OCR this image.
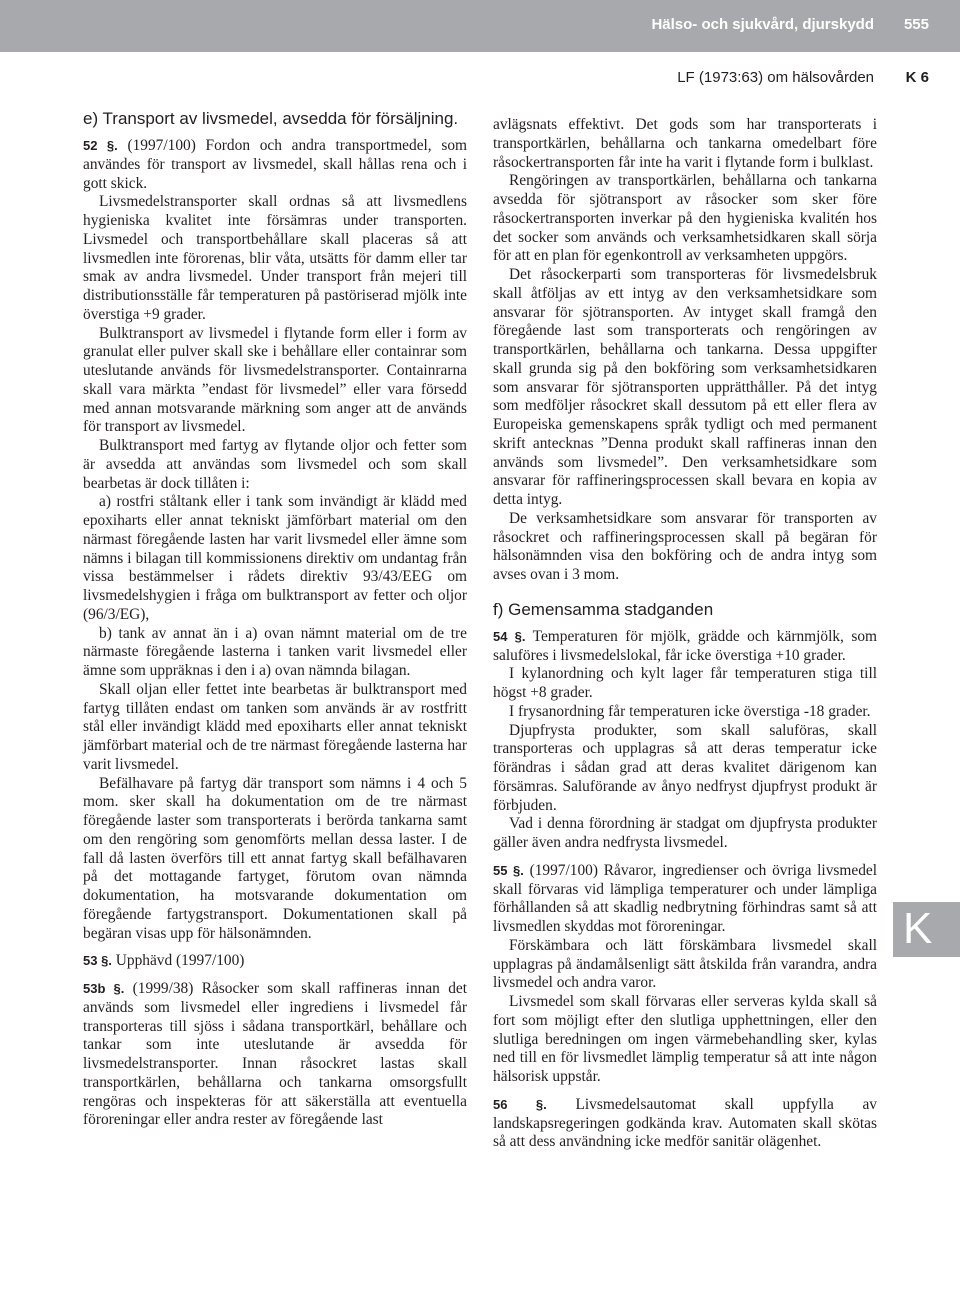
Hälso- och sjukvård, djurskydd 555
LF (1973:63) om hälsovården K 6
e) Transport av livsmedel, avsedda för försäljning.

52 §. (1997/100) Fordon och andra transportmedel, som användes för transport av livsmedel, skall hållas rena och i gott skick.

Livsmedelstransporter skall ordnas så att livsmedlens hygieniska kvalitet inte försämras under transporten. Livsmedel och transportbehållare skall placeras så att livsmedlen inte förorenas, blir våta, utsätts för damm eller tar smak av andra livsmedel. Under transport från mejeri till distributionsställe får temperaturen på pastöriserad mjölk inte överstiga +9 grader.

Bulktransport av livsmedel i flytande form eller i form av granulat eller pulver skall ske i behållare eller containrar som uteslutande används för livsmedelstransporter. Containrarna skall vara märkta ”endast för livsmedel” eller vara försedd med annan motsvarande märkning som anger att de används för transport av livsmedel.

Bulktransport med fartyg av flytande oljor och fetter som är avsedda att användas som livsmedel och som skall bearbetas är dock tillåten i:

a) rostfri ståltank eller i tank som invändigt är klädd med epoxiharts eller annat tekniskt jämförbart material om den närmast föregående lasten har varit livsmedel eller ämne som nämns i bilagan till kommissionens direktiv om undantag från vissa bestämmelser i rådets direktiv 93/43/EEG om livsmedelshygien i fråga om bulktransport av fetter och oljor (96/3/EG),

b) tank av annat än i a) ovan nämnt material om de tre närmaste föregående lasterna i tanken varit livsmedel eller ämne som uppräknas i den i a) ovan nämnda bilagan.

Skall oljan eller fettet inte bearbetas är bulktransport med fartyg tillåten endast om tanken som används är av rostfritt stål eller invändigt klädd med epoxiharts eller annat tekniskt jämförbart material och de tre närmast föregående lasterna har varit livsmedel.

Befälhavare på fartyg där transport som nämns i 4 och 5 mom. sker skall ha dokumentation om de tre närmast föregående laster som transporterats i berörda tankarna samt om den rengöring som genomförts mellan dessa laster. I de fall då lasten överförs till ett annat fartyg skall befälhavaren på det mottagande fartyget, förutom ovan nämnda dokumentation, ha motsvarande dokumentation om föregående fartygstransport. Dokumentationen skall på begäran visas upp för hälsonämnden.

53 §. Upphävd (1997/100)

53b §. (1999/38) Råsocker som skall raffineras innan det används som livsmedel eller ingrediens i livsmedel får transporteras till sjöss i sådana transportkärl, behållare och tankar som inte uteslutande är avsedda för livsmedelstransporter. Innan råsockret lastas skall transportkärlen, behållarna och tankarna omsorgsfullt rengöras och inspekteras för att säkerställa att eventuella föroreningar eller andra rester av föregående last

avlägsnats effektivt. Det gods som har transporterats i transportkärlen, behållarna och tankarna omedelbart före råsockertransporten får inte ha varit i flytande form i bulklast.

Rengöringen av transportkärlen, behållarna och tankarna avsedda för sjötransport av råsocker som sker före råsockertransporten inverkar på den hygieniska kvalitén hos det socker som används och verksamhetsidkaren skall sörja för att en plan för egenkontroll av verksamheten uppgörs.

Det råsockerparti som transporteras för livsmedelsbruk skall åtföljas av ett intyg av den verksamhetsidkare som ansvarar för sjötransporten. Av intyget skall framgå den föregående last som transporterats och rengöringen av transportkärlen, behållarna och tankarna. Dessa uppgifter skall grunda sig på den bokföring som verksamhetsidkaren som ansvarar för sjötransporten upprätthåller. På det intyg som medföljer råsockret skall dessutom på ett eller flera av Europeiska gemenskapens språk tydligt och med permanent skrift antecknas ”Denna produkt skall raffineras innan den används som livsmedel”. Den verksamhetsidkare som ansvarar för raffineringsprocessen skall bevara en kopia av detta intyg.

De verksamhetsidkare som ansvarar för transporten av råsockret och raffineringsprocessen skall på begäran för hälsonämnden visa den bokföring och de andra intyg som avses ovan i 3 mom.

f) Gemensamma stadganden

54 §. Temperaturen för mjölk, grädde och kärnmjölk, som saluföres i livsmedelslokal, får icke överstiga +10 grader.

I kylanordning och kylt lager får temperaturen stiga till högst +8 grader.

I frysanordning får temperaturen icke överstiga -18 grader.

Djupfrysta produkter, som skall saluföras, skall transporteras och upplagras så att deras temperatur icke förändras i sådan grad att deras kvalitet därigenom kan försämras. Saluförande av ånyo nedfryst djupfryst produkt är förbjuden.

Vad i denna förordning är stadgat om djupfrysta produkter gäller även andra nedfrysta livsmedel.

55 §. (1997/100) Råvaror, ingredienser och övriga livsmedel skall förvaras vid lämpliga temperaturer och under lämpliga förhållanden så att skadlig nedbrytning förhindras samt så att livsmedlen skyddas mot föroreningar.

Förskämbara och lätt förskämbara livsmedel skall upplagras på ändamålsenligt sätt åtskilda från varandra, andra livsmedel och andra varor.

Livsmedel som skall förvaras eller serveras kylda skall så fort som möjligt efter den slutliga upphettningen, eller den slutliga beredningen om ingen värmebehandling sker, kylas ned till en för livsmedlet lämplig temperatur så att inte någon hälsorisk uppstår.

56 §. Livsmedelsautomat skall uppfylla av landskapsregeringen godkända krav. Automaten skall skötas så att dess användning icke medför sanitär olägenhet.

K
